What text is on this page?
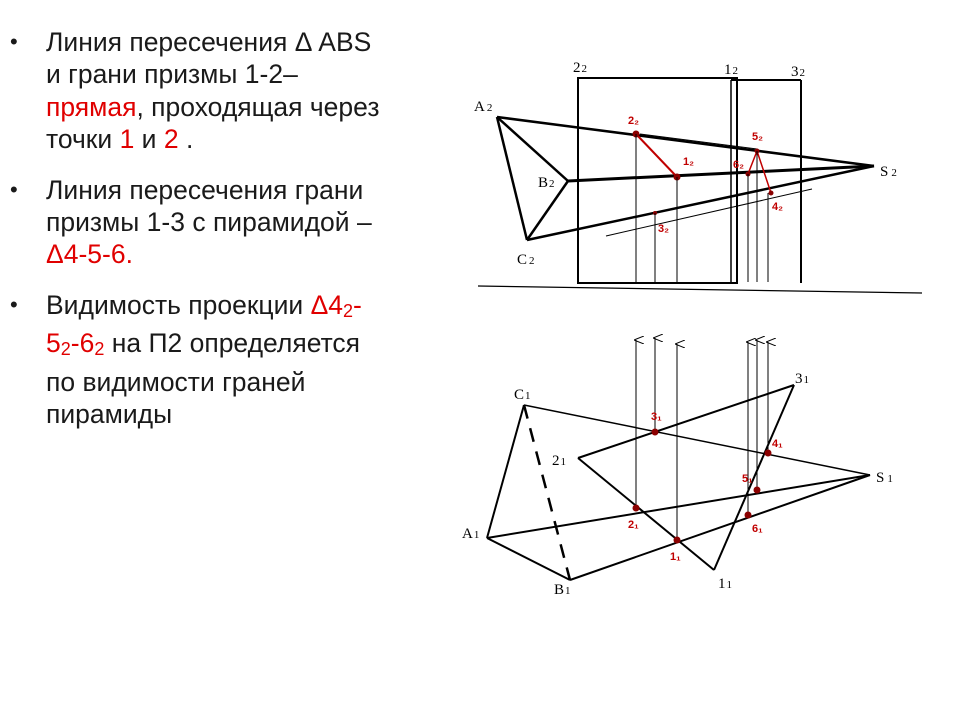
• Линия пересечения Δ ABS и грани призмы 1-2– прямая, проходящая через точки 1 и 2 .
• Линия пересечения грани призмы 1-3 с пирамидой – Δ4-5-6.
• Видимость проекции $\Delta 4_2-5_2-6_2$ на П2 определяется по видимости граней пирамиды
A 2
B2
C 2
S 2
22	12	32
C1
21
A1
B1
S 1
31
11
2₂
1₂
3₂
5₂
6₂
4₂
3₁
4₁
5₁
2₁	6₁
1₁
